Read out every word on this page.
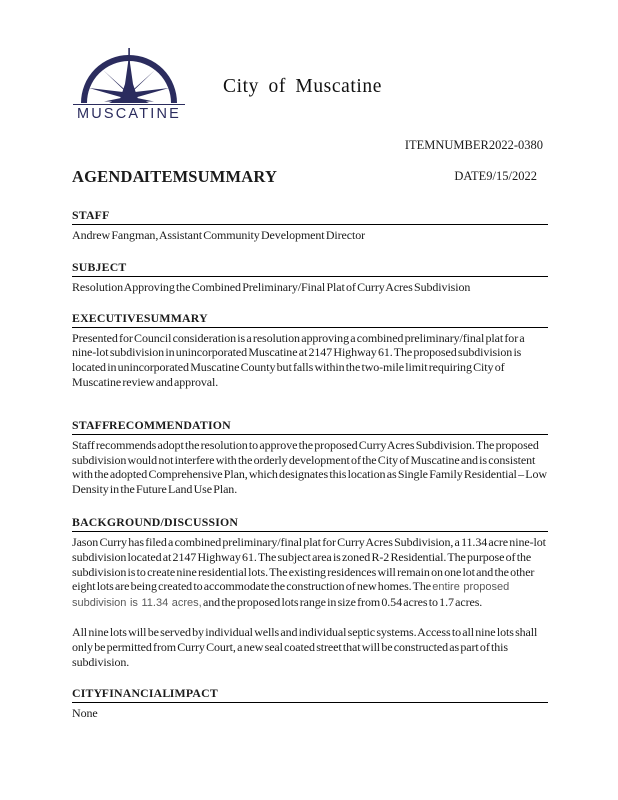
MUSCATINE
City of Muscatine
ITEM NUMBER2022-0380
AGENDA ITEM SUMMARY	DATE9/15/2022
STAFF
Andrew Fangman, Assistant Community Development Director
SUBJECT
Resolution Approving the Combined Preliminary/Final Plat of Curry Acres Subdivision
EXECUTIVE SUMMARY
Presented for Council consideration is a resolution approving a combined preliminary/final plat for a nine-lot subdivision in unincorporated Muscatine at 2147 Highway 61. The proposed subdivision is located in unincorporated Muscatine County but falls within the two-mile limit requiring City of Muscatine review and approval.
STAFF RECOMMENDATION
Staff recommends adopt the resolution to approve the proposed Curry Acres Subdivision. The proposed subdivision would not interfere with the orderly development of the City of Muscatine and is consistent with the adopted Comprehensive Plan, which designates this location as Single Family Residential – Low Density in the Future Land Use Plan.
BACKGROUND/DISCUSSION
Jason Curry has filed a combined preliminary/final plat for Curry Acres Subdivision, a 11.34 acre nine-lot subdivision located at 2147 Highway 61. The subject area is zoned R-2 Residential. The purpose of the subdivision is to create nine residential lots. The existing residences will remain on one lot and the other eight lots are being created to accommodate the construction of new homes. The entire proposed subdivision is 11.34 acres, and the proposed lots range in size from 0.54 acres to 1.7 acres.
All nine lots will be served by individual wells and individual septic systems. Access to all nine lots shall only be permitted from Curry Court, a new seal coated street that will be constructed as part of this subdivision.
CITY FINANCIAL IMPACT
None
